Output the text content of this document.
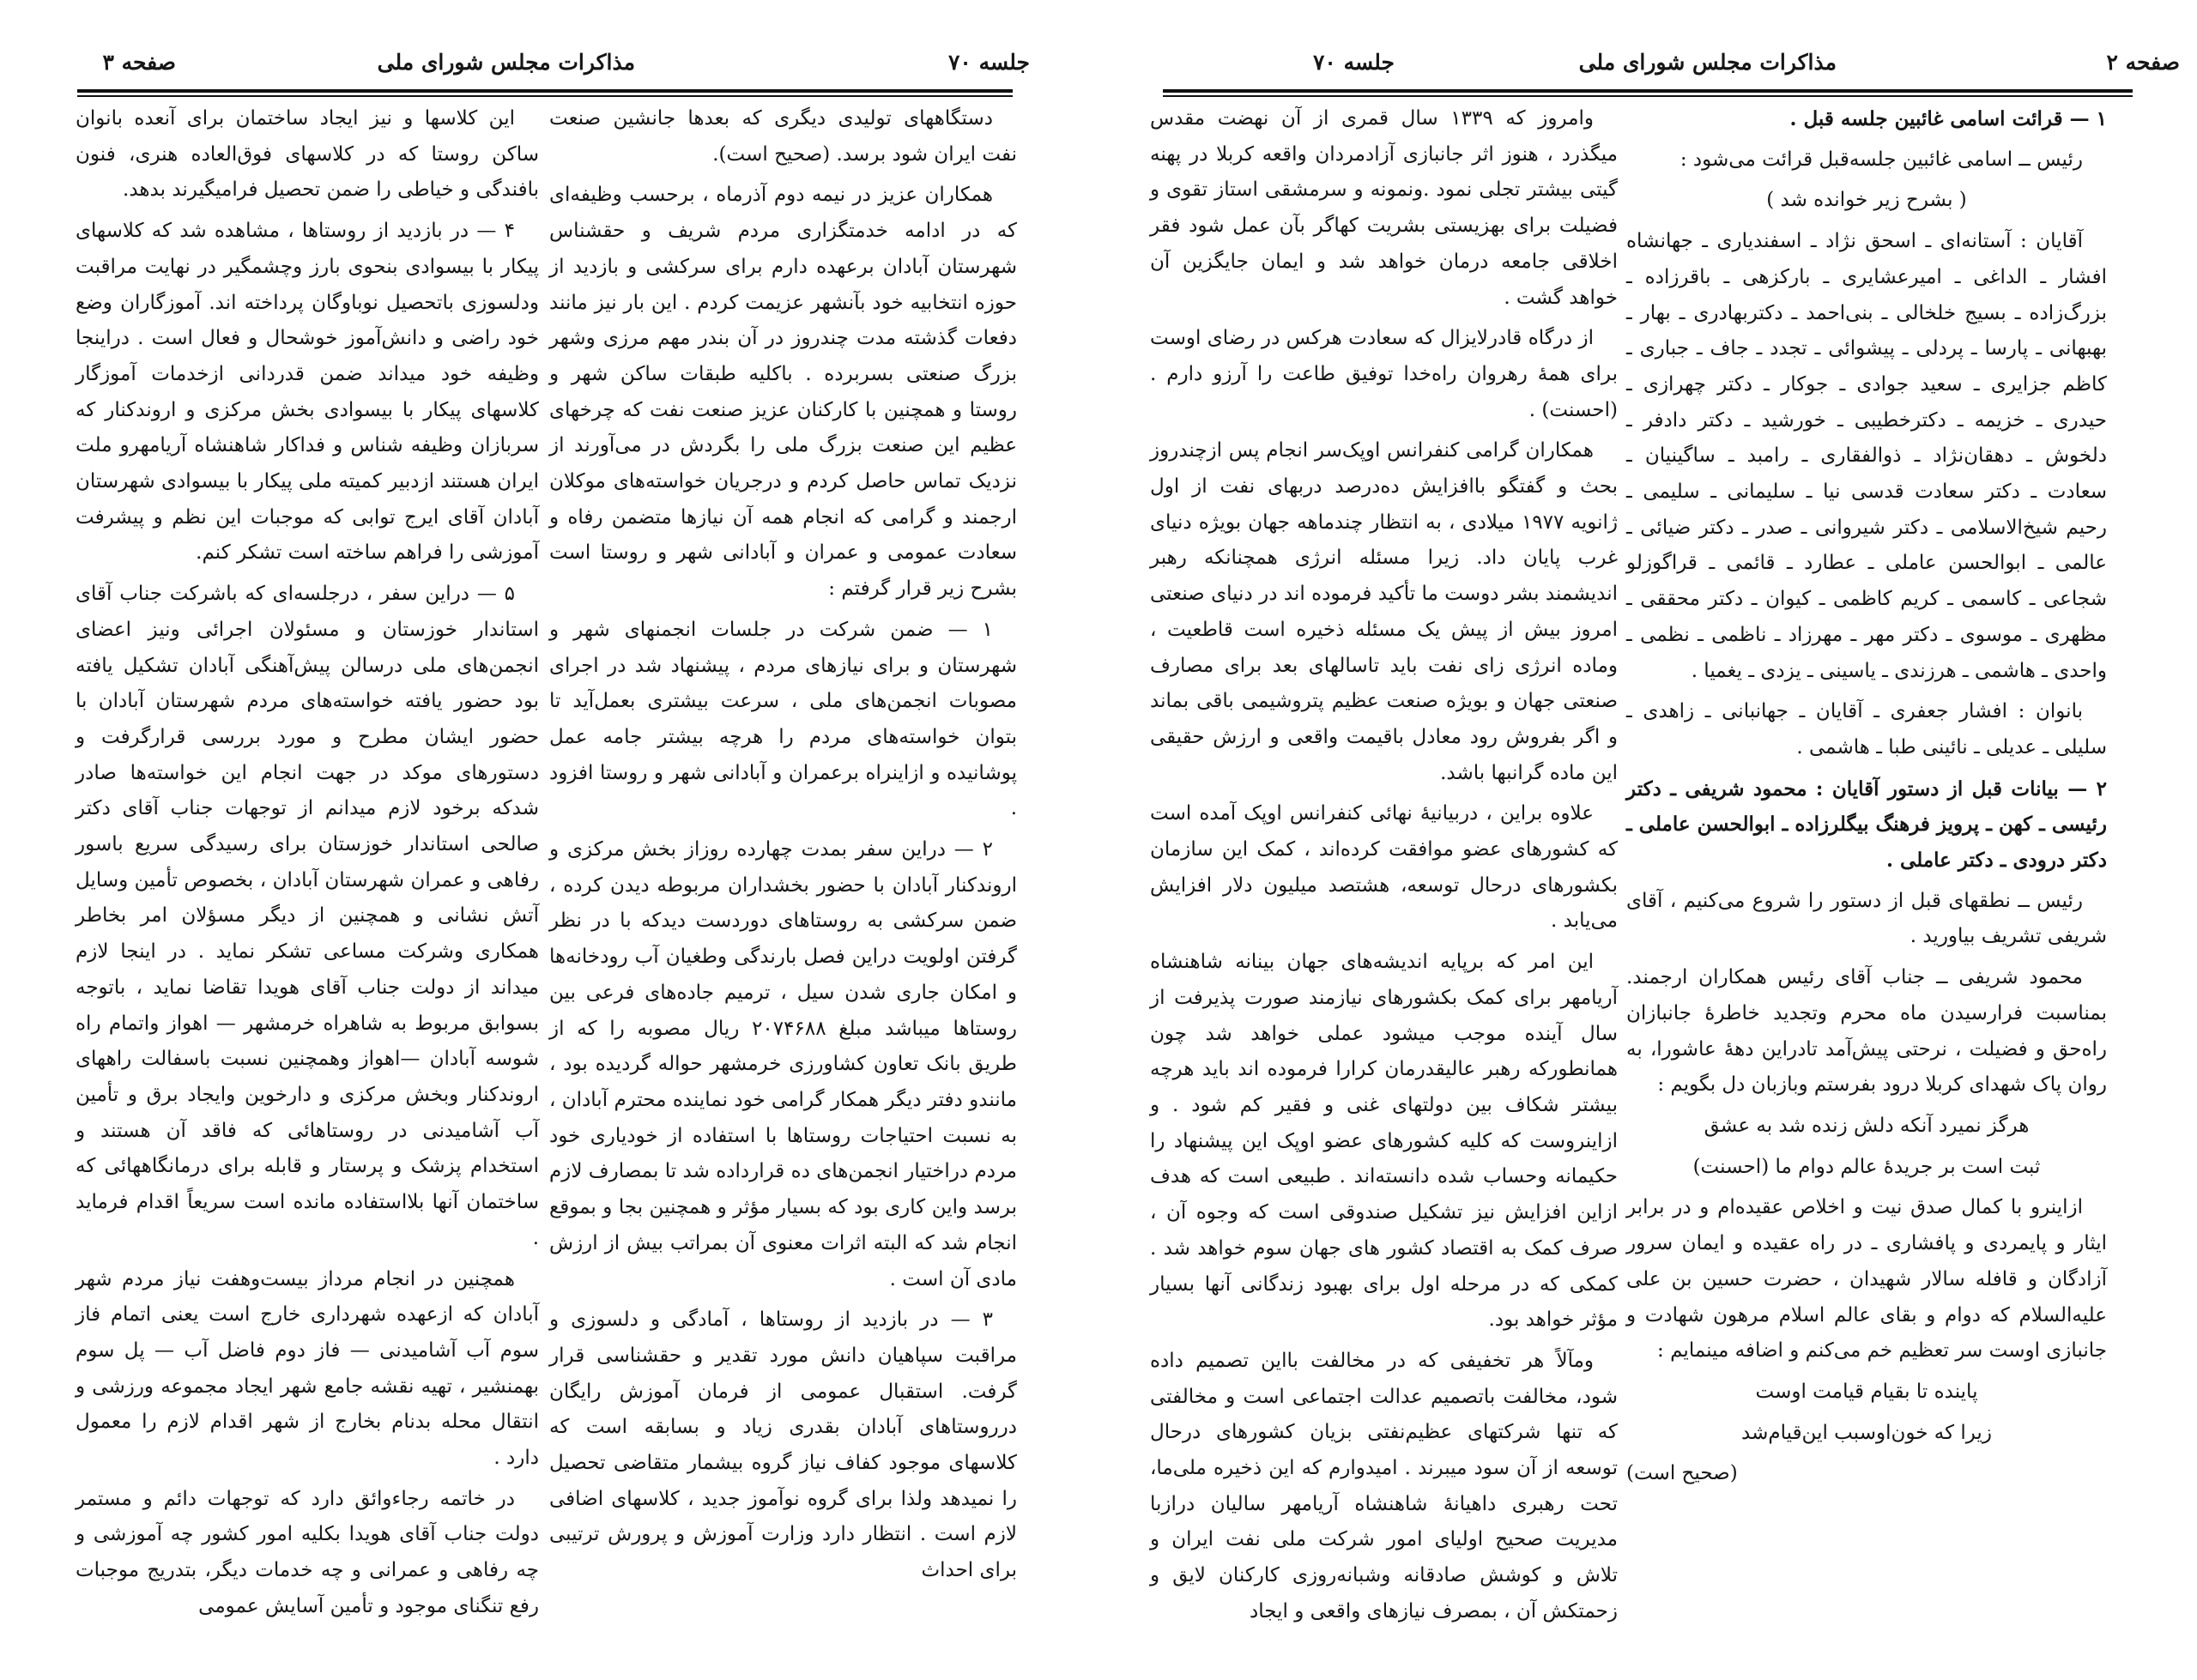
صفحه ۳	مذاکرات مجلس شورای ملی	جلسه ۷۰

دستگاههای تولیدی دیگری که بعدها جانشین صنعت نفت ایران شود برسد. (صحیح است).

همکاران عزیز در نیمه دوم آذرماه ، برحسب وظیفه‌ای که در ادامه خدمتگزاری مردم شریف و حقشناس شهرستان آبادان برعهده دارم برای سرکشی و بازدید از حوزه انتخابیه خود بآنشهر عزیمت کردم . این بار نیز مانند دفعات گذشته مدت چندروز در آن بندر مهم مرزی وشهر بزرگ صنعتی بسربرده . باکلیه طبقات ساکن شهر و روستا و همچنین با کارکنان عزیز صنعت نفت که چرخهای عظیم این صنعت بزرگ ملی را بگردش در می‌آورند از نزدیک تماس حاصل کردم و درجریان خواسته‌های موکلان ارجمند و گرامی که انجام همه آن نیازها متضمن رفاه و سعادت عمومی و عمران و آبادانی شهر و روستا است بشرح زیر قرار گرفتم :

۱ — ضمن شرکت در جلسات انجمنهای شهر و شهرستان و برای نیازهای مردم ، پیشنهاد شد در اجرای مصوبات انجمن‌های ملی ، سرعت بیشتری بعمل‌آید تا بتوان خواسته‌های مردم را هرچه بیشتر جامه عمل پوشانیده و ازاینراه برعمران و آبادانی شهر و روستا افزود .

۲ — دراین سفر بمدت چهارده روزاز بخش مرکزی و اروندکنار آبادان با حضور بخشداران مربوطه دیدن کرده ، ضمن سرکشی به روستاهای دوردست دیدکه با در نظر گرفتن اولویت دراین فصل بارندگی وطغیان آب رودخانه‌ها و امکان جاری شدن سیل ، ترمیم جاده‌های فرعی بین روستاها میباشد مبلغ ۲۰۷۴۶۸۸ ریال مصوبه را که از طریق بانک تعاون کشاورزی خرمشهر حواله گردیده بود ، مانندو دفتر دیگر همکار گرامی خود نماینده محترم آبادان ، به نسبت احتیاجات روستاها با استفاده از خودیاری خود مردم دراختیار انجمن‌های ده قرارداده شد تا بمصارف لازم برسد واین کاری بود که بسیار مؤثر و همچنین بجا و بموقع انجام شد که البته اثرات معنوی آن بمراتب بیش از ارزش مادی آن است .

۳ — در بازدید از روستاها ، آمادگی و دلسوزی و مراقبت سپاهیان دانش مورد تقدیر و حقشناسی قرار گرفت. استقبال عمومی از فرمان آموزش رایگان درروستاهای آبادان بقدری زیاد و بسابقه است که کلاسهای موجود کفاف نیاز گروه بیشمار متقاضی تحصیل را نمیدهد ولذا برای گروه نوآموز جدید ، کلاسهای اضافی لازم است . انتظار دارد وزارت آموزش و پرورش ترتیبی برای احداث

این کلاسها و نیز ایجاد ساختمان برای آنعده بانوان ساکن روستا که در کلاسهای فوق‌العاده هنری، فنون بافندگی و خیاطی را ضمن تحصیل فرامیگیرند بدهد.

۴ — در بازدید از روستاها ، مشاهده شد که کلاسهای پیکار با بیسوادی بنحوی بارز وچشمگیر در نهایت مراقبت ودلسوزی باتحصیل نوباوگان پرداخته اند. آموزگاران وضع خود راضی و دانش‌آموز خوشحال و فعال است . دراینجا وظیفه خود میداند ضمن قدردانی ازخدمات آموزگار کلاسهای پیکار با بیسوادی بخش مرکزی و اروندکنار که سربازان وظیفه شناس و فداکار شاهنشاه آریامهرو ملت ایران هستند ازدبیر کمیته ملی پیکار با بیسوادی شهرستان آبادان آقای ایرج توابی که موجبات این نظم و پیشرفت آموزشی را فراهم ساخته است تشکر کنم.

۵ — دراین سفر ، درجلسه‌ای که باشرکت جناب آقای استاندار خوزستان و مسئولان اجرائی ونیز اعضای انجمن‌های ملی درسالن پیش‌آهنگی آبادان تشکیل یافته بود حضور یافته خواسته‌های مردم شهرستان آبادان با حضور ایشان مطرح و مورد بررسی قرارگرفت و دستورهای موکد در جهت انجام این خواسته‌ها صادر شدکه برخود لازم میدانم از توجهات جناب آقای دکتر صالحی استاندار خوزستان برای رسیدگی سریع باسور رفاهی و عمران شهرستان آبادان ، بخصوص تأمین وسایل آتش نشانی و همچنین از دیگر مسؤلان امر بخاطر همکاری وشرکت مساعی تشکر نماید . در اینجا لازم میداند از دولت جناب آقای هویدا تقاضا نماید ، باتوجه بسوابق مربوط به شاهراه خرمشهر — اهواز واتمام راه شوسه آبادان —اهواز وهمچنین نسبت باسفالت راههای اروندکنار وبخش مرکزی و دارخوین وایجاد برق و تأمین آب آشامیدنی در روستاهائی که فاقد آن هستند و استخدام پزشک و پرستار و قابله برای درمانگاههائی که ساختمان آنها بلااستفاده مانده است سریعاً اقدام فرماید .

همچنین در انجام مرداز بیست‌وهفت نیاز مردم شهر آبادان که ازعهده شهرداری خارج است یعنی اتمام فاز سوم آب آشامیدنی — فاز دوم فاضل آب — پل سوم بهمنشیر ، تهیه نقشه جامع شهر ایجاد مجموعه ورزشی و انتقال محله بدنام بخارج از شهر اقدام لازم را معمول دارد .

در خاتمه رجاءوائق دارد که توجهات دائم و مستمر دولت جناب آقای هویدا بکلیه امور کشور چه آموزشی و چه رفاهی و عمرانی و چه خدمات دیگر، بتدریج موجبات رفع تنگنای موجود و تأمین آسایش عمومی

صفحه ۲
مذاکرات مجلس شورای ملی
جلسه ۷۰

۱ — قرائت اسامی غائبین جلسه قبل .

رئیس ــ اسامی غائبین جلسه‌قبل قرائت می‌شود :

( بشرح زیر خوانده شد )

آقایان : آستانه‌ای ـ اسحق نژاد ـ اسفندیاری ـ جهانشاه افشار ـ الداغی ـ امیرعشایری ـ بارکزهی ـ باقرزاده ـ بزرگ‌زاده ـ بسیج خلخالی ـ بنی‌احمد ـ دکتربهادری ـ بهار ـ بهبهانی ـ پارسا ـ پردلی ـ پیشوائی ـ تجدد ـ جاف ـ جباری ـ کاظم جزایری ـ سعید جوادی ـ جوکار ـ دکتر چهرازی ـ حیدری ـ خزیمه ـ دکترخطیبی ـ خورشید ـ دکتر دادفر ـ دلخوش ـ دهقان‌نژاد ـ ذوالفقاری ـ رامبد ـ ساگینیان ـ سعادت ـ دکتر سعادت قدسی نیا ـ سلیمانی ـ سلیمی ـ رحیم شیخ‌الاسلامی ـ دکتر شیروانی ـ صدر ـ دکتر ضیائی ـ عالمی ـ ابوالحسن عاملی ـ عطارد ـ قائمی ـ قراگوزلو شجاعی ـ کاسمی ـ کریم کاظمی ـ کیوان ـ دکتر محققی ـ مظهری ـ موسوی ـ دکتر مهر ـ مهرزاد ـ ناظمی ـ نظمی ـ واحدی ـ هاشمی ـ هرزندی ـ یاسینی ـ یزدی ـ یغمیا .

بانوان : افشار جعفری ـ آقایان ـ جهانبانی ـ زاهدی ـ سلیلی ـ عدیلی ـ نائینی طبا ـ هاشمی .

۲ — بیانات قبل از دستور آقایان : محمود شریفی ـ دکتر رئیسی ـ کهن ـ پرویز فرهنگ بیگلرزاده ـ ابوالحسن عاملی ـ دکتر درودی ـ دکتر عاملی .

رئیس ــ نطقهای قبل از دستور را شروع می‌کنیم ، آقای شریفی تشریف بیاورید .

محمود شریفی ــ جناب آقای رئیس همکاران ارجمند. بمناسبت فرارسیدن ماه محرم وتجدید خاطرهٔ جانبازان راه‌حق و فضیلت ، نرحتی پیش‌آمد تادراین دههٔ عاشورا، به روان پاک شهدای کربلا درود بفرستم وبازبان دل بگویم :

هرگز نمیرد آنکه دلش زنده شد به عشق

ثبت است بر جریدهٔ عالم دوام ما (احسنت)

ازاینرو با کمال صدق نیت و اخلاص عقیده‌ام و در برابر ایثار و پایمردی و پافشاری ـ در راه عقیده و ایمان سرور آزادگان و قافله سالار شهیدان ، حضرت حسین بن علی علیه‌السلام که دوام و بقای عالم اسلام مرهون شهادت و جانبازی اوست سر تعظیم خم می‌کنم و اضافه مینمایم :

پاینده تا بقیام قیامت اوست

زیرا که خون‌اوسبب این‌قیام‌شد

(صحیح است)

وامروز که ۱۳۳۹ سال قمری از آن نهضت مقدس میگذرد ، هنوز اثر جانبازی آزادمردان واقعه کربلا در پهنه گیتی بیشتر تجلی نمود .ونمونه و سرمشقی استاز تقوی و فضیلت برای بهزیستی بشریت کهاگر بآن عمل شود فقر اخلاقی جامعه درمان خواهد شد و ایمان جایگزین آن خواهد گشت .

از درگاه قادرلایزال که سعادت هرکس در رضای اوست برای همهٔ رهروان راه‌خدا توفیق طاعت را آرزو دارم .(احسنت) .

همکاران گرامی کنفرانس اوپک‌سر انجام پس ازچندروز بحث و گفتگو باافزایش ده‌درصد دربهای نفت از اول ژانویه ۱۹۷۷ میلادی ، به انتظار چندماهه جهان بویژه دنیای غرب پایان داد. زیرا مسئله انرژی همچنانکه رهبر اندیشمند بشر دوست ما تأکید فرموده اند در دنیای صنعتی امروز بیش از پیش یک مسئله ذخیره است قاطعیت ، وماده انرژی زای نفت باید تاسالهای بعد برای مصارف صنعتی جهان و بویژه صنعت عظیم پتروشیمی باقی بماند و اگر بفروش رود معادل باقیمت واقعی و ارزش حقیقی این ماده گرانبها باشد.

علاوه براین ، دربیانیهٔ نهائی کنفرانس اوپک آمده است که کشورهای عضو موافقت کرده‌اند ، کمک این سازمان بکشورهای درحال توسعه، هشتصد میلیون دلار افزایش می‌یابد .

این امر که برپایه اندیشه‌های جهان بینانه شاهنشاه آریامهر برای کمک بکشورهای نیازمند صورت پذیرفت از سال آینده موجب میشود عملی خواهد شد چون همانطورکه رهبر عالیقدرمان کرارا فرموده اند باید هرچه بیشتر شکاف بین دولتهای غنی و فقیر کم شود . و ازاینروست که کلیه کشورهای عضو اوپک این پیشنهاد را حکیمانه وحساب شده دانسته‌اند . طبیعی است که هدف ازاین افزایش نیز تشکیل صندوقی است که وجوه آن ، صرف کمک به اقتصاد کشور های جهان سوم خواهد شد . کمکی که در مرحله اول برای بهبود زندگانی آنها بسیار مؤثر خواهد بود.

ومآلاً هر تخفیفی که در مخالفت بااین تصمیم داده شود، مخالفت باتصمیم عدالت اجتماعی است و مخالفتی که تنها شرکتهای عظیم‌نفتی بزیان کشورهای درحال توسعه از آن سود میبرند . امیدوارم که این ذخیره ملی‌ما، تحت رهبری داهیانهٔ شاهنشاه آریامهر سالیان درازبا مدیریت صحیح اولیای امور شرکت ملی نفت ایران و تلاش و کوشش صادقانه وشبانه‌روزی کارکنان لایق و زحمتکش آن ، بمصرف نیازهای واقعی و ایجاد
